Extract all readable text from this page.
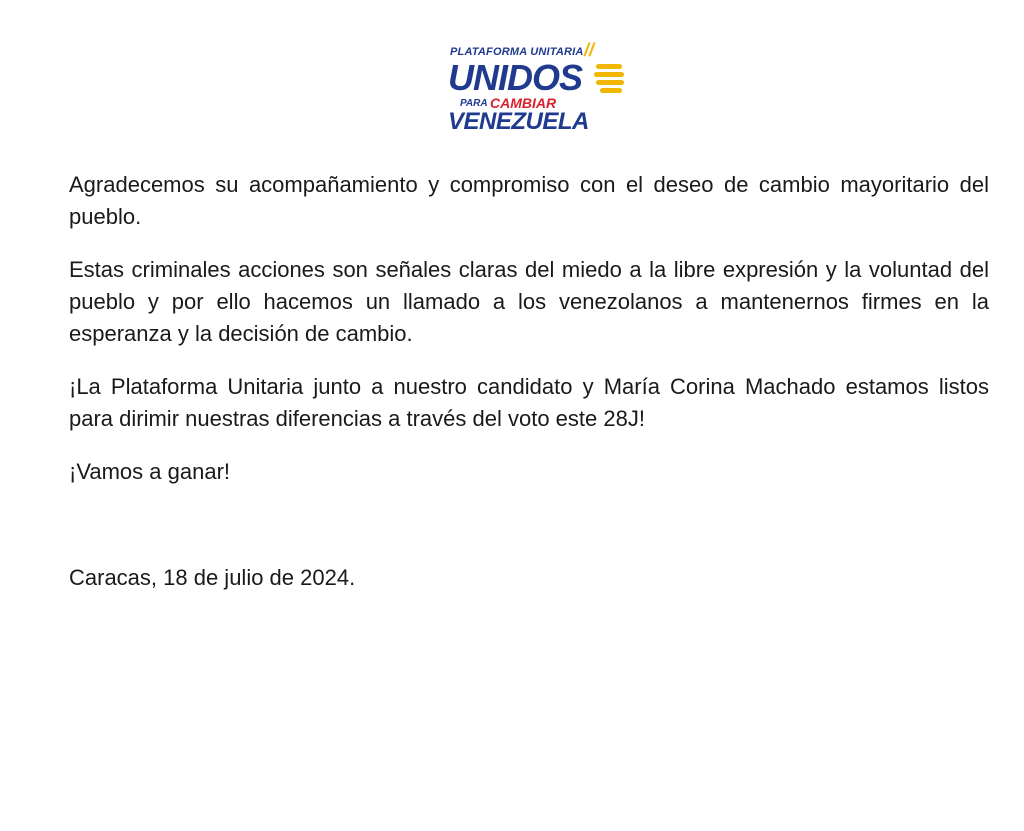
PLATAFORMA UNITARIA //
UNIDOS
PARA CAMBIAR
VENEZUELA

Agradecemos su acompañamiento y compromiso con el deseo de cambio mayoritario del pueblo.

Estas criminales acciones son señales claras del miedo a la libre expresión y la voluntad del pueblo y por ello hacemos un llamado a los venezolanos a mantenernos firmes en la esperanza y la decisión de cambio.

¡La Plataforma Unitaria junto a nuestro candidato y María Corina Machado estamos listos para dirimir nuestras diferencias a través del voto este 28J!

¡Vamos a ganar!

Caracas, 18 de julio de 2024.
